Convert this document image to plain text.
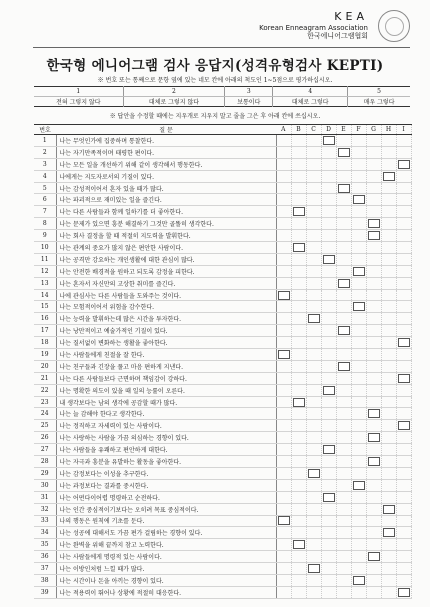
KEA
Korean Enneagram Association
한국에니어그램협회
한국형 에니어그램 검사 응답지(성격유형검사 KEPTI)
※ 번호 또는 통째으로 문항 옆에 있는 네모 칸에 아래의 척도인 1~5점으로 평가하십시오.
1	2	3	4	5
전혀 그렇지 않다	대체로 그렇지 않다	보통이다	대체로 그렇다	매우 그렇다
※ 답안을 수정할 때에는 지우개로 지우지 말고 줄을 그은 후 아래 칸에 쓰십시오.
번호	질 문	A	B	C	D	E	F	G	H	I
1	나는 무엇인가에 집중하며 통찰한다.				

2	나는 자기만족적이며 태평한 편이다.					

3	나는 모든 일을 개선하기 위해 같이 생각해서 행동한다.									

4	나에게는 지도자로서의 기질이 있다.								

5	나는 감성적이어서 혼자 있을 때가 많다.					

6	나는 파괴적으로 재미있는 일을 즐긴다.						

7	나는 다른 사람들과 함께 일하기를 더 좋아한다.		

8	나는 문제가 있으면 흥분 해결하기 그것만 골똘히 생각한다.							

9	나는 회사 결정을 할 때 적절히 지도력을 발휘한다.							

10	나는 관계의 중요가 많지 않은 편안한 사람이다.		

11	나는 공격만 강요하는 개인생활에 대한 관심이 많다.				

12	나는 안전한 배경적을 원하고 되도록 감정을 피한다.						

13	나는 혼자서 자신만의 고상한 취미를 즐긴다.					

14	나에 관심사는 다른 사람들을 도와주는 것이다.	

15	나는 모험적이어서 위험을 감수한다.						

16	나는 능력을 발휘하는데 많은 시간을 투자한다.			

17	나는 낭만적이고 예술가적인 기질이 있다.					

18	나는 질서없이 변화하는 생활을 좋아한다.									

19	나는 사람들에게 친절을 잘 한다.	

20	나는 친구들과 긴장을 풀고 마음 편하게 지낸다.					

21	나는 다른 사람들보다 근면하며 책임감이 강하다.									

22	나는 명확한 의도이 있을 때 일의 능률이 오른다.				

23	내 생각보다는 남의 생각에 공감할 때가 많다.		

24	나는 늘 감해야 한다고 생각한다.							

25	나는 정직하고 자세력이 있는 사람이다.									

26	나는 사랑하는 사람을 가끔 의심하는 경향이 있다.							

27	나는 사람들을 유쾌하고 편안하게 대한다.				

28	나는 자극과 흥분을 유발하는 활동을 좋아한다.							

29	나는 감정보다는 이성을 추구한다.			

30	나는 과정보다는 결과를 중시한다.						

31	나는 어떤다이어렵 명령하고 순전하다.				

32	나는 인간 중심적이기보다는 오히려 목표 중심적이다.								

33	나의 행동은 원칙에 기초를 둔다.	

34	나는 성공에 대해서도 가끔 편가 걸림하는 경향이 있다.								

35	나는 완벽을 위해 끝까지 참고 노력한다.		

36	나는 사람들에게 명령적 있는 사람이다.							

37	나는 이방인처럼 느낄 때가 많다.			

38	나는 시간이나 돈을 아끼는 경향이 있다.						

39	나는 적용력이 뛰어나 상황에 적절히 대응한다.									
